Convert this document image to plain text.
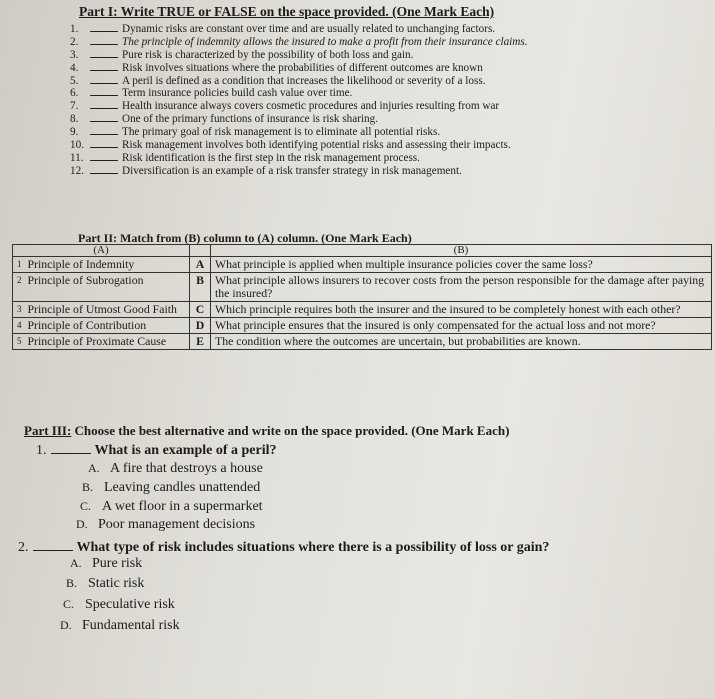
Part I: Write TRUE or FALSE on the space provided. (One Mark Each)
1.	Dynamic risks are constant over time and are usually related to unchanging factors.
2.	The principle of indemnity allows the insured to make a profit from their insurance claims.
3.	Pure risk is characterized by the possibility of both loss and gain.
4.	Risk involves situations where the probabilities of different outcomes are known
5.	A peril is defined as a condition that increases the likelihood or severity of a loss.
6.	Term insurance policies build cash value over time.
7.	Health insurance always covers cosmetic procedures and injuries resulting from war
8.	One of the primary functions of insurance is risk sharing.
9.	The primary goal of risk management is to eliminate all potential risks.
10.	Risk management involves both identifying potential risks and assessing their impacts.
11.	Risk identification is the first step in the risk management process.
12.	Diversification is an example of a risk transfer strategy in risk management.
Part II: Match from (B) column to (A) column. (One Mark Each)
(A)		(B)
$^1$ Principle of Indemnity	A	What principle is applied when multiple insurance policies cover the same loss?
$^2$ Principle of Subrogation	B	What principle allows insurers to recover costs from the person responsible for the damage after paying the insured?
$^3$ Principle of Utmost Good Faith	C	Which principle requires both the insurer and the insured to be completely honest with each other?
$^4$ Principle of Contribution	D	What principle ensures that the insured is only compensated for the actual loss and not more?
$^5$ Principle of Proximate Cause	E	The condition where the outcomes are uncertain, but probabilities are known.
Part III: Choose the best alternative and write on the space provided. (One Mark Each)
1.	What is an example of a peril?
A. A fire that destroys a house
B. Leaving candles unattended
C. A wet floor in a supermarket
D. Poor management decisions
2.	What type of risk includes situations where there is a possibility of loss or gain?
A. Pure risk
B. Static risk
C. Speculative risk
D. Fundamental risk
